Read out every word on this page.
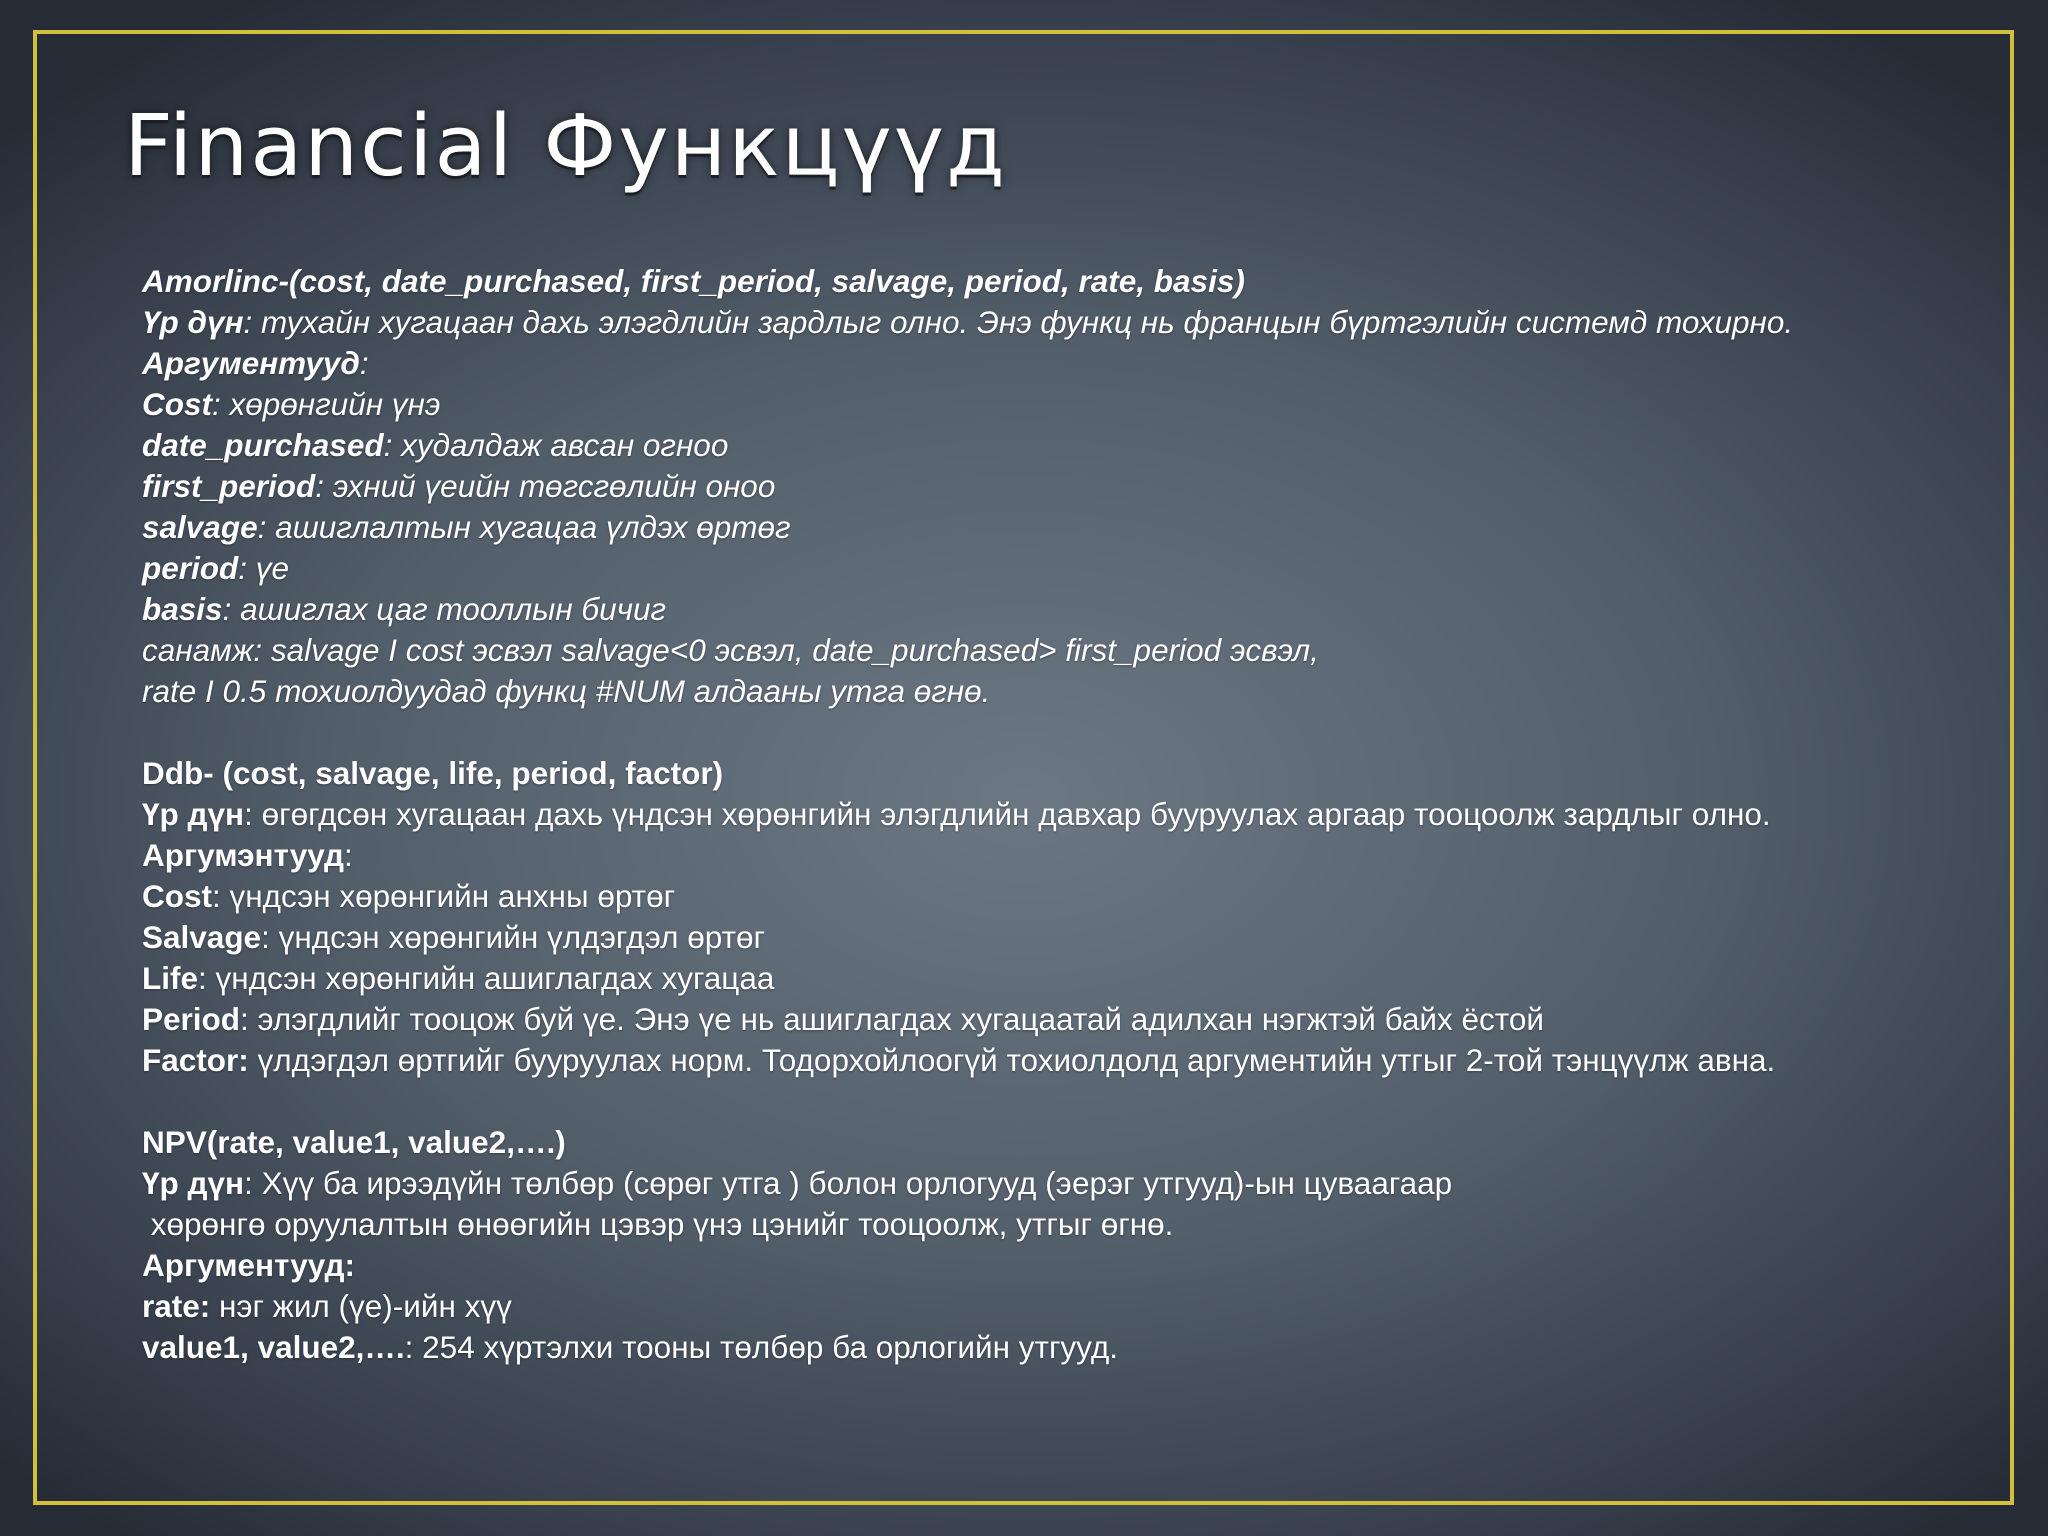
Financial Функцүүд
Amorlinc-(cost, date_purchased, first_period, salvage, period, rate, basis)
Үр дүн: тухайн хугацаан дахь элэгдлийн зардлыг олно. Энэ функц нь францын бүртгэлийн системд тохирно.
Аргументууд:
Cost: хөрөнгийн үнэ
date_purchased: худалдаж авсан огноо
first_period: эхний үеийн төгсгөлийн оноо
salvage: ашиглалтын хугацаа үлдэх өртөг
period: үе
basis: ашиглах цаг тооллын бичиг
санамж: salvage I cost эсвэл salvage<0 эсвэл, date_purchased> first_period эсвэл,
rate I 0.5 тохиолдуудад функц #NUM алдааны утга өгнө.
Ddb- (cost, salvage, life, period, factor)
Үр дүн: өгөгдсөн хугацаан дахь үндсэн хөрөнгийн элэгдлийн давхар бууруулах аргаар тооцоолж зардлыг олно.
Аргумэнтууд:
Cost: үндсэн хөрөнгийн анхны өртөг
Salvage: үндсэн хөрөнгийн үлдэгдэл өртөг
Life: үндсэн хөрөнгийн ашиглагдах хугацаа
Period: элэгдлийг тооцож буй үе. Энэ үе нь ашиглагдах хугацаатай адилхан нэгжтэй байх ёстой
Factor: үлдэгдэл өртгийг бууруулах норм. Тодорхойлоогүй тохиолдолд аргументийн утгыг 2-той тэнцүүлж авна.
NPV(rate, value1, value2,….)
Үр дүн: Хүү ба ирээдүйн төлбөр (сөрөг утга ) болон орлогууд (эерэг утгууд)-ын цуваагаар
хөрөнгө оруулалтын өнөөгийн цэвэр үнэ цэнийг тооцоолж, утгыг өгнө.
Аргументууд:
rate: нэг жил (үе)-ийн хүү
value1, value2,….: 254 хүртэлхи тооны төлбөр ба орлогийн утгууд.
